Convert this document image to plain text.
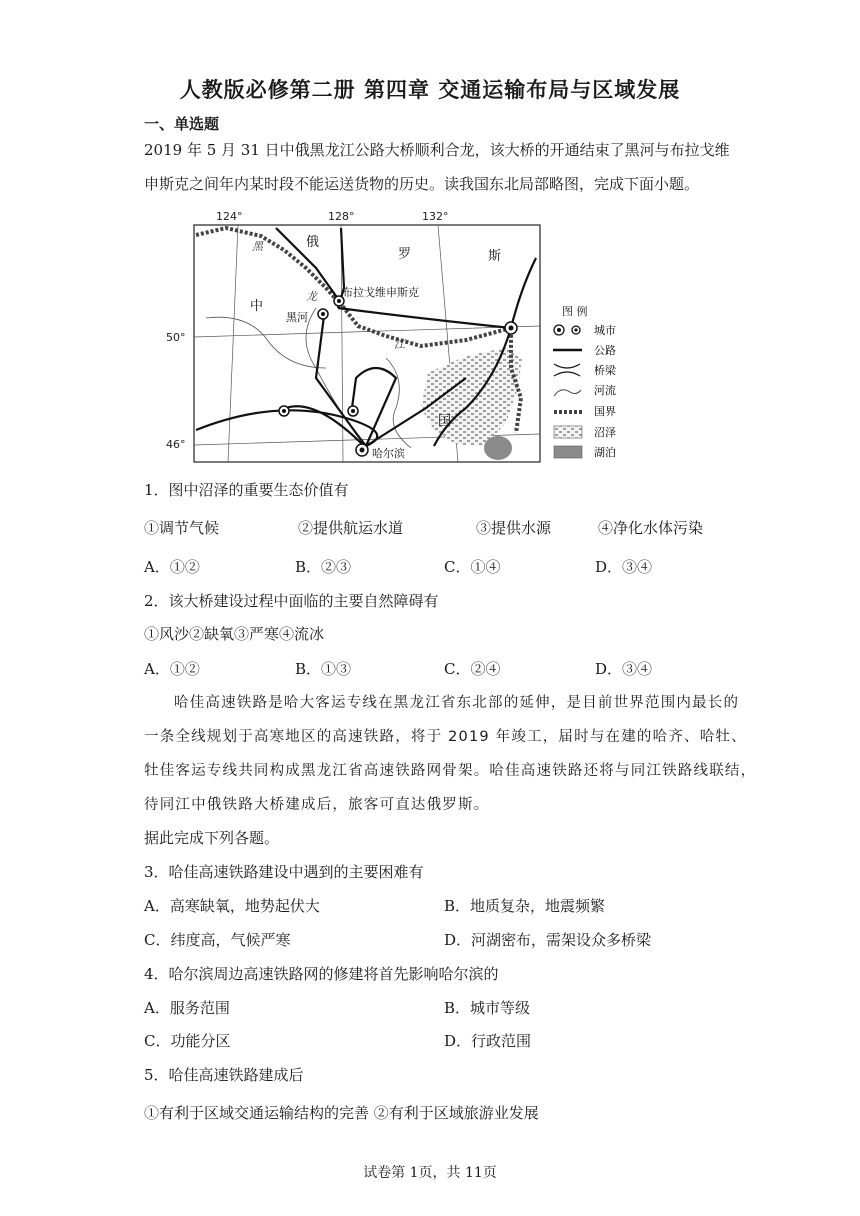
人教版必修第二册 第四章 交通运输布局与区域发展
一、单选题
2019 年 5 月 31 日中俄黑龙江公路大桥顺利合龙，该大桥的开通结束了黑河与布拉戈维
申斯克之间年内某时段不能运送货物的历史。读我国东北局部略图，完成下面小题。
124°	128°	132°
50°
46°
俄
罗	斯
中
国
黑
龙
江
布拉戈维申斯克
黑河
哈尔滨
图 例
城市
公路
桥梁
河流
国界
沼泽
湖泊
1．图中沼泽的重要生态价值有
①调节气候	②提供航运水道	③提供水源	④净化水体污染
A．①②	B．②③	C．①④	D．③④
2．该大桥建设过程中面临的主要自然障碍有
①风沙②缺氧③严寒④流冰
A．①②	B．①③	C．②④	D．③④
哈佳高速铁路是哈大客运专线在黑龙江省东北部的延伸，是目前世界范围内最长的
一条全线规划于高寒地区的高速铁路，将于 2019 年竣工，届时与在建的哈齐、哈牡、
牡佳客运专线共同构成黑龙江省高速铁路网骨架。哈佳高速铁路还将与同江铁路线联结，
待同江中俄铁路大桥建成后，旅客可直达俄罗斯。
据此完成下列各题。
3．哈佳高速铁路建设中遇到的主要困难有
A．高寒缺氧，地势起伏大	B．地质复杂，地震频繁
C．纬度高，气候严寒	D．河湖密布，需架设众多桥梁
4．哈尔滨周边高速铁路网的修建将首先影响哈尔滨的
A．服务范围	B．城市等级
C．功能分区	D．行政范围
5．哈佳高速铁路建成后
①有利于区域交通运输结构的完善 ②有利于区域旅游业发展
试卷第 1页，共 11页
